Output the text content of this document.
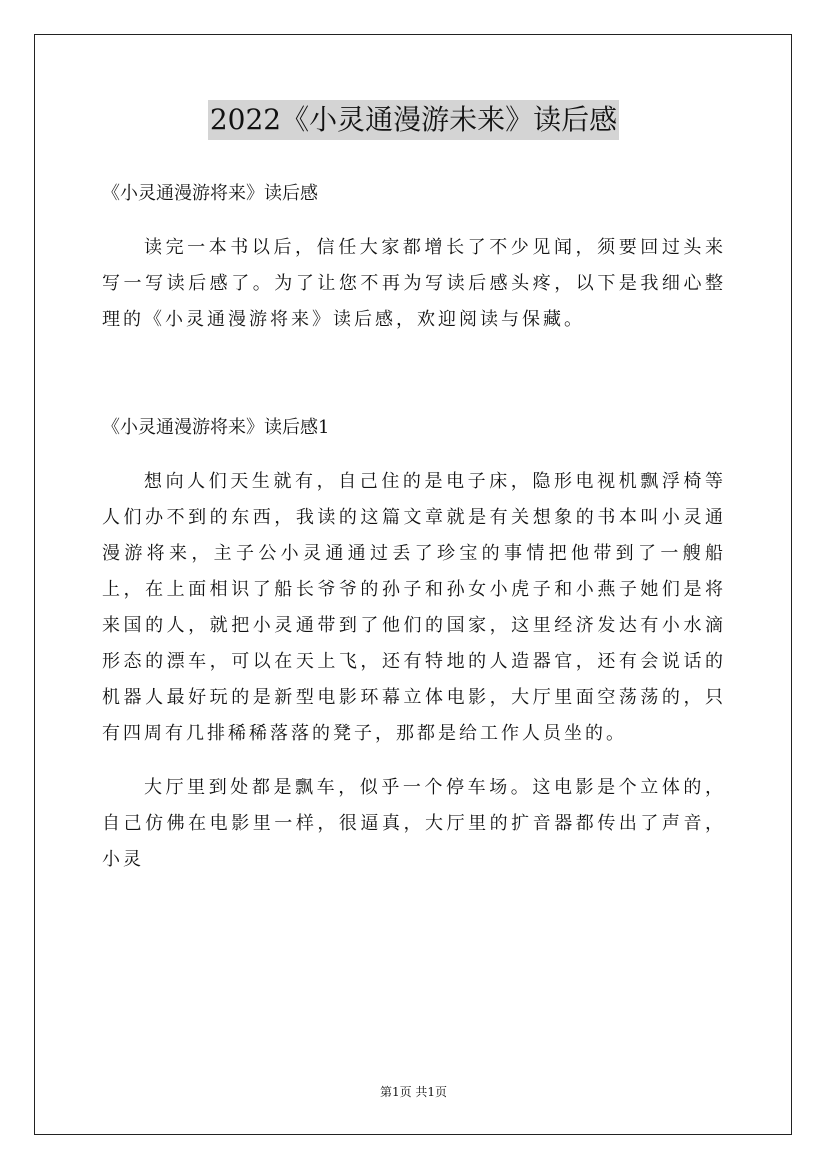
2022《小灵通漫游未来》读后感

《小灵通漫游将来》读后感

读完一本书以后，信任大家都增长了不少见闻，须要回过头来写一写读后感了。为了让您不再为写读后感头疼，以下是我细心整理的《小灵通漫游将来》读后感，欢迎阅读与保藏。

《小灵通漫游将来》读后感1

想向人们天生就有，自己住的是电子床，隐形电视机飘浮椅等人们办不到的东西，我读的这篇文章就是有关想象的书本叫小灵通漫游将来，主子公小灵通通过丢了珍宝的事情把他带到了一艘船上，在上面相识了船长爷爷的孙子和孙女小虎子和小燕子她们是将来国的人，就把小灵通带到了他们的国家，这里经济发达有小水滴形态的漂车，可以在天上飞，还有特地的人造器官，还有会说话的机器人最好玩的是新型电影环幕立体电影，大厅里面空荡荡的，只有四周有几排稀稀落落的凳子，那都是给工作人员坐的。

大厅里到处都是飘车，似乎一个停车场。这电影是个立体的，自己仿佛在电影里一样，很逼真，大厅里的扩音器都传出了声音，小灵

第1页 共1页
